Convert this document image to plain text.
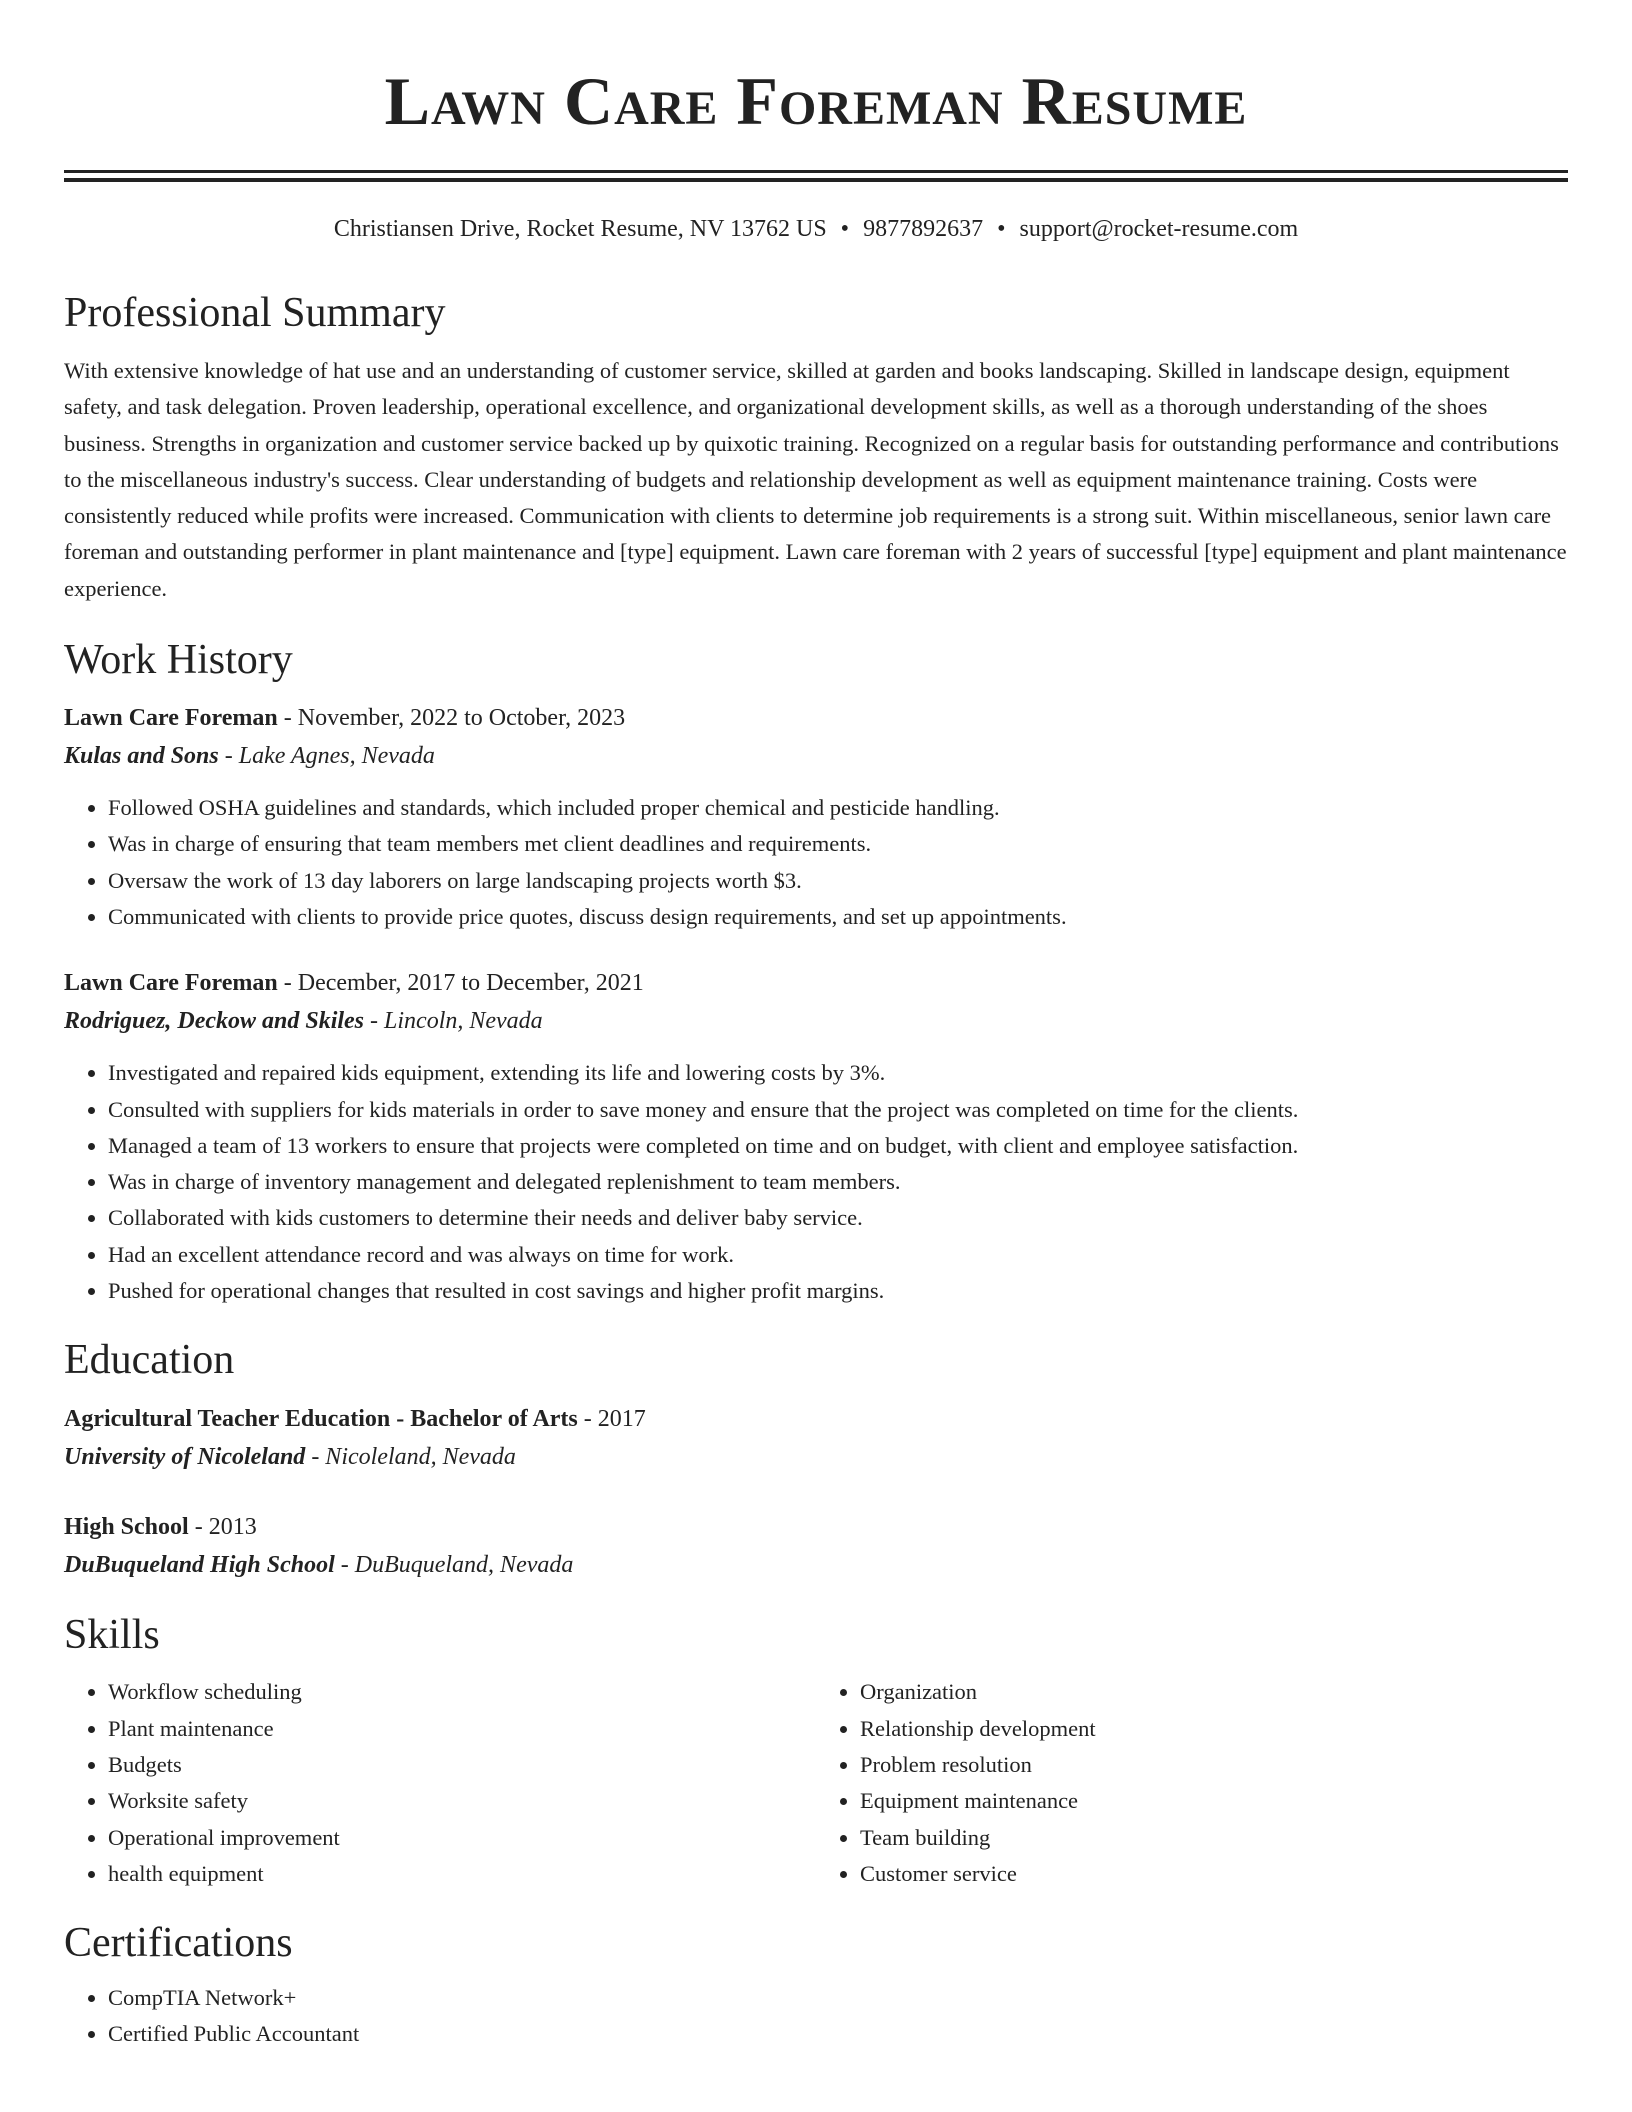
Lawn Care Foreman Resume
Christiansen Drive, Rocket Resume, NV 13762 US • 9877892637 • support@rocket-resume.com
Professional Summary
With extensive knowledge of hat use and an understanding of customer service, skilled at garden and books landscaping. Skilled in landscape design, equipment safety, and task delegation. Proven leadership, operational excellence, and organizational development skills, as well as a thorough understanding of the shoes business. Strengths in organization and customer service backed up by quixotic training. Recognized on a regular basis for outstanding performance and contributions to the miscellaneous industry's success. Clear understanding of budgets and relationship development as well as equipment maintenance training. Costs were consistently reduced while profits were increased. Communication with clients to determine job requirements is a strong suit. Within miscellaneous, senior lawn care foreman and outstanding performer in plant maintenance and [type] equipment. Lawn care foreman with 2 years of successful [type] equipment and plant maintenance experience.
Work History
Lawn Care Foreman - November, 2022 to October, 2023
Kulas and Sons - Lake Agnes, Nevada
• Followed OSHA guidelines and standards, which included proper chemical and pesticide handling.
• Was in charge of ensuring that team members met client deadlines and requirements.
• Oversaw the work of 13 day laborers on large landscaping projects worth $3.
• Communicated with clients to provide price quotes, discuss design requirements, and set up appointments.
Lawn Care Foreman - December, 2017 to December, 2021
Rodriguez, Deckow and Skiles - Lincoln, Nevada
• Investigated and repaired kids equipment, extending its life and lowering costs by 3%.
• Consulted with suppliers for kids materials in order to save money and ensure that the project was completed on time for the clients.
• Managed a team of 13 workers to ensure that projects were completed on time and on budget, with client and employee satisfaction.
• Was in charge of inventory management and delegated replenishment to team members.
• Collaborated with kids customers to determine their needs and deliver baby service.
• Had an excellent attendance record and was always on time for work.
• Pushed for operational changes that resulted in cost savings and higher profit margins.
Education
Agricultural Teacher Education - Bachelor of Arts - 2017
University of Nicoleland - Nicoleland, Nevada
High School - 2013
DuBuqueland High School - DuBuqueland, Nevada
Skills
• Workflow scheduling
• Plant maintenance
• Budgets
• Worksite safety
• Operational improvement
• health equipment
• Organization
• Relationship development
• Problem resolution
• Equipment maintenance
• Team building
• Customer service
Certifications
• CompTIA Network+
• Certified Public Accountant
